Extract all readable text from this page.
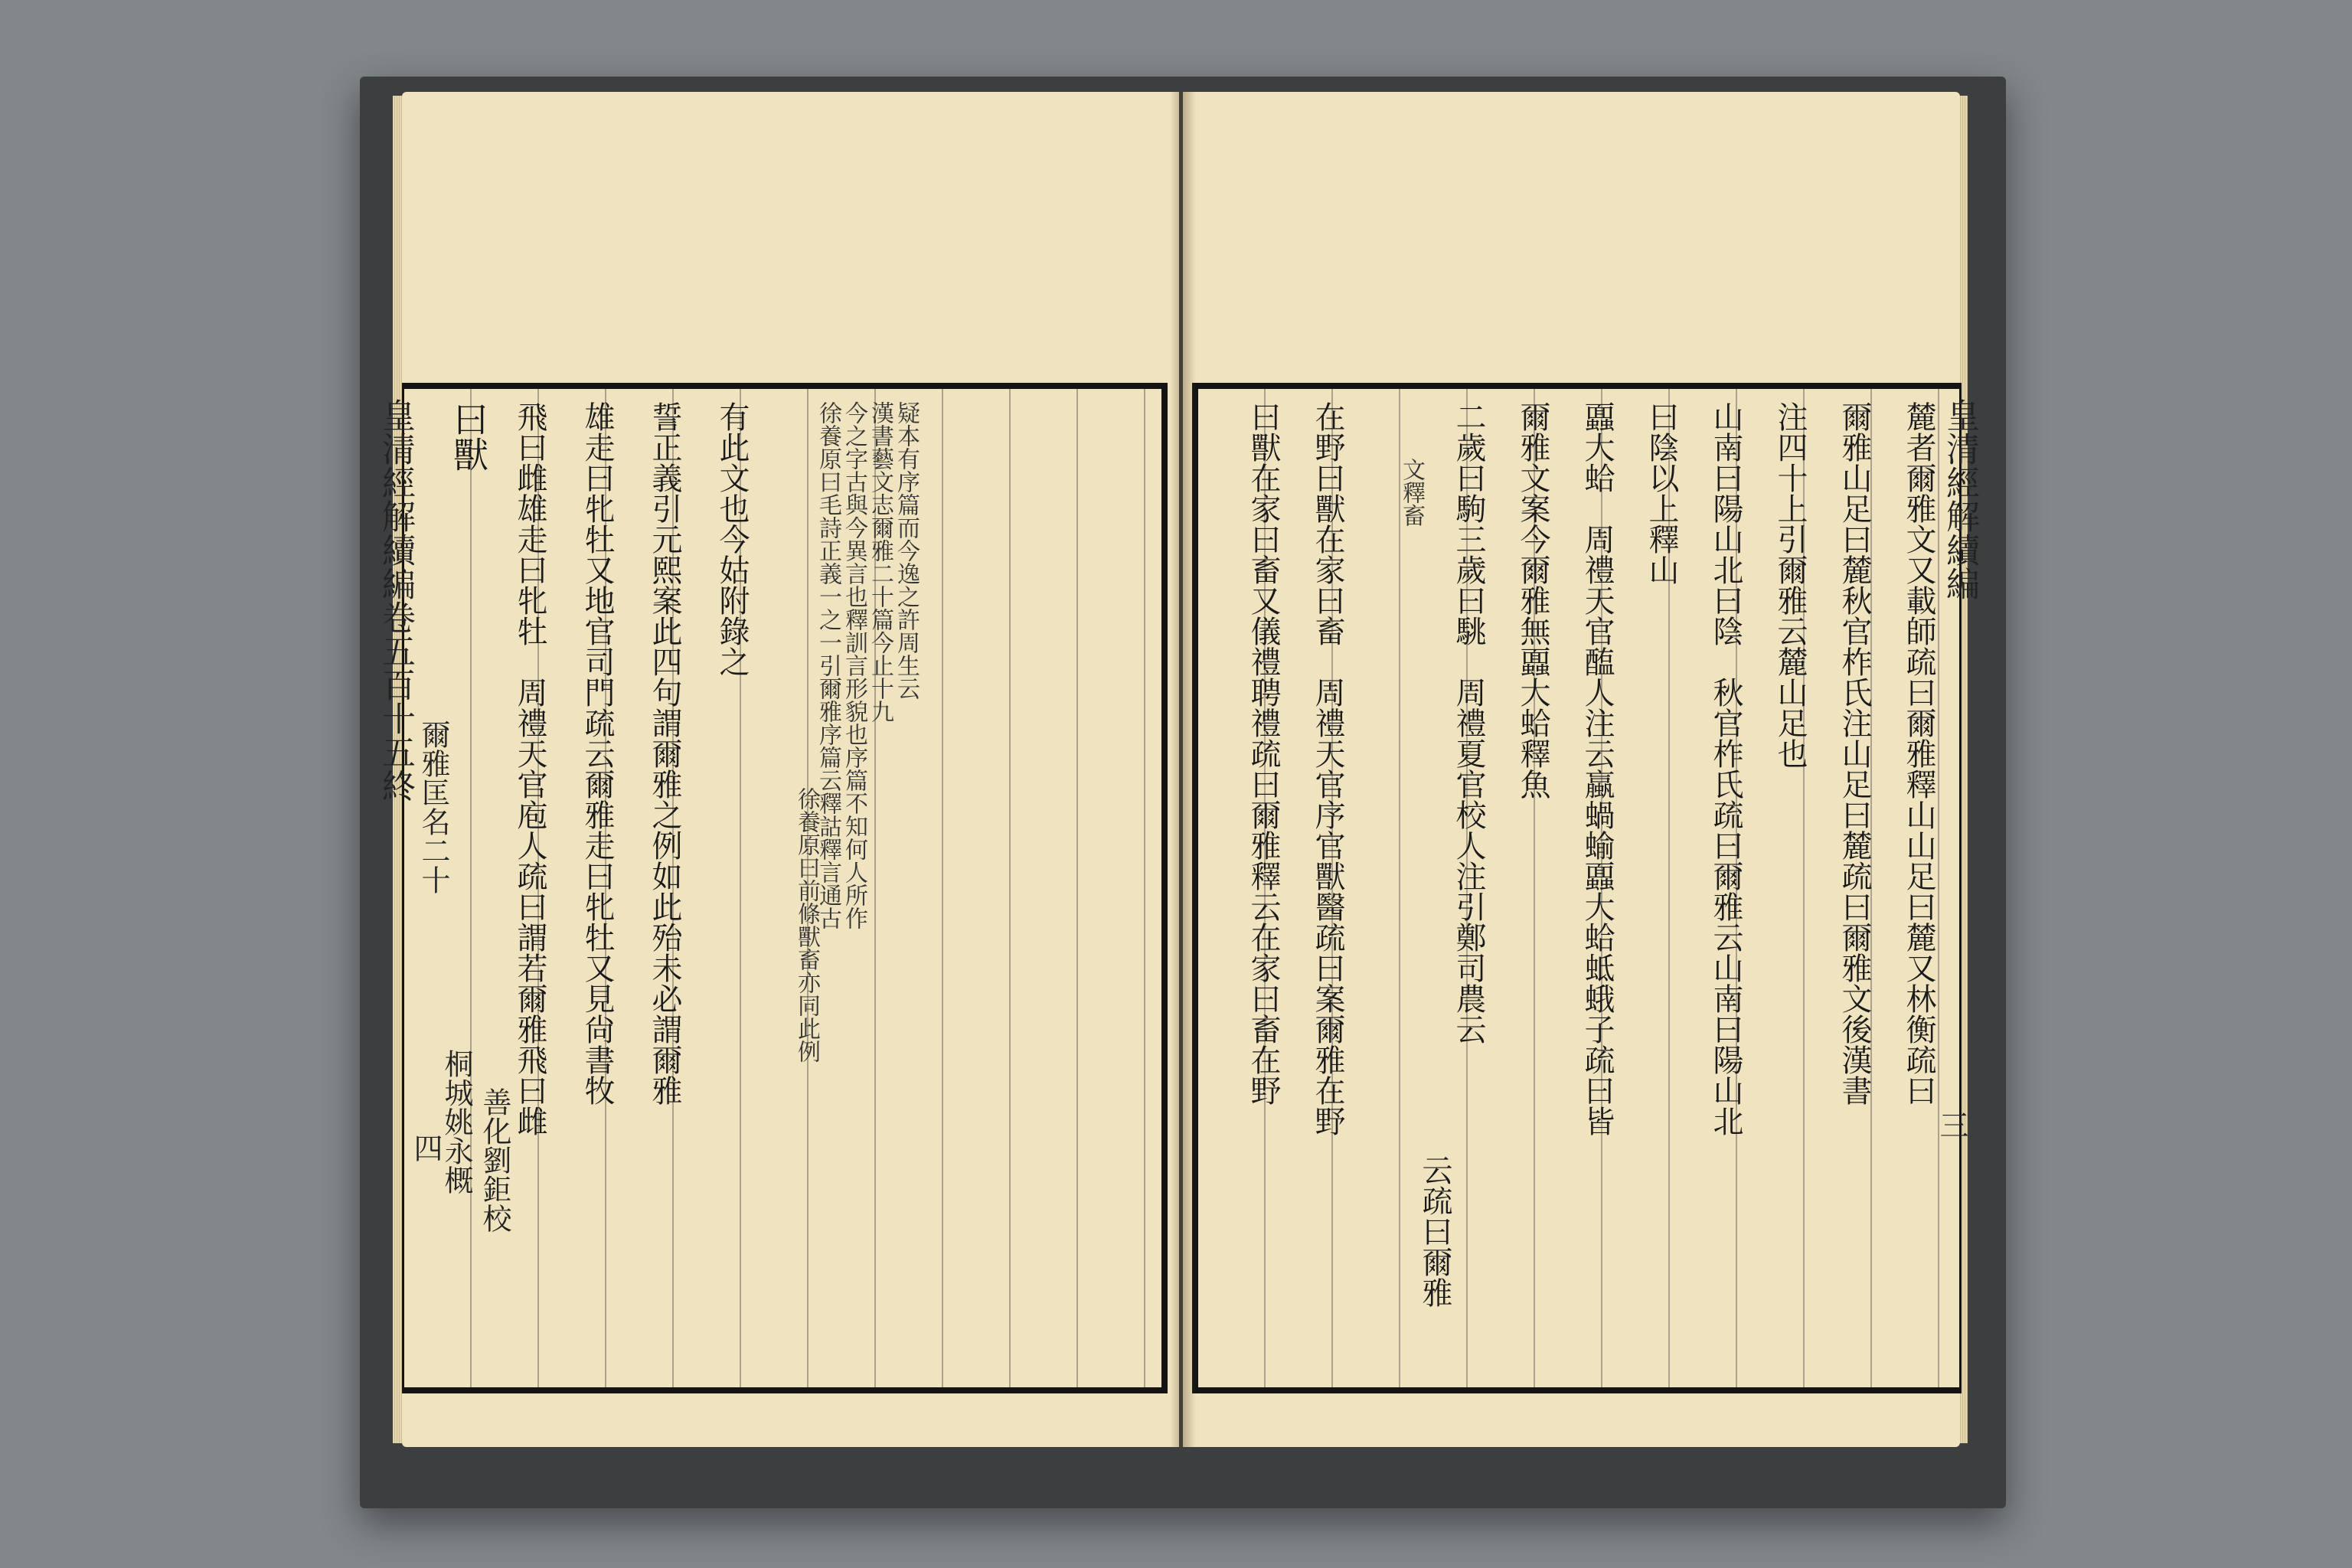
曰獸 飛曰雌雄走曰牝牡　周禮天官庖人疏曰謂若爾雅飛曰雌 雄走曰牝牡又地官司門疏云爾雅走曰牝牡又見尙書牧 誓正義引元熙案此四句謂爾雅之例如此殆未必謂爾雅 有此文也今姑附錄之
徐養原曰前條獸畜亦同此例
徐養原曰毛詩正義一之一引爾雅序篇云釋詁釋言通古 今之字古與今異言也釋訓言形貌也序篇不知何人所作 漢書藝文志爾雅二十篇今止十九 疑本有序篇而今逸之許周生云
皇清經解續編卷五百十五終
爾雅匡名二十
四
桐城姚永概 善化劉鉅校
麓者爾雅文又載師疏曰爾雅釋山山足曰麓又林衡疏曰
爾雅山足曰麓秋官柞氏注山足曰麓疏曰爾雅文後漢書
注四十上引爾雅云麓山足也
山南曰陽山北曰陰　秋官柞氏疏曰爾雅云山南曰陽山北
曰陰以上釋山
蠠大蛤　周禮天官醢人注云蠃蝸蝓蠠大蛤蚳蛾子疏曰皆
爾雅文案今爾雅無蠠大蛤釋魚
二歲曰駒三歲曰駣　周禮夏官校人注引鄭司農云
云疏曰爾雅
文釋畜
在野曰獸在家曰畜　周禮天官序官獸醫疏曰案爾雅在野
曰獸在家曰畜又儀禮聘禮疏曰爾雅釋云在家曰畜在野	皇清經解續編
三
